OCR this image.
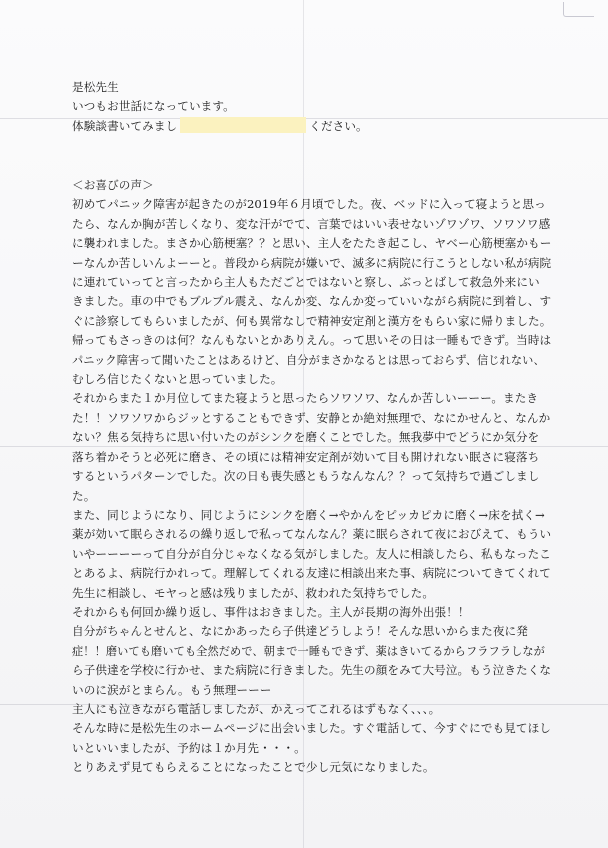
是松先生
いつもお世話になっています。
体験談書いてみまし	ください。
＜お喜びの声＞
初めてパニック障害が起きたのが2019年６月頃でした。夜、ベッドに入って寝ようと思っ
たら、なんか胸が苦しくなり、変な汗がでて、言葉ではいい表せないゾワゾワ、ソワソワ感
に襲われました。まさか心筋梗塞？？と思い、主人をたたき起こし、ヤベー心筋梗塞かもー
ーなんか苦しいんよーーと。普段から病院が嫌いで、滅多に病院に行こうとしない私が病院
に連れていってと言ったから主人もただごとではないと察し、ぶっとばして救急外来にい
きました。車の中でもブルブル震え、なんか変、なんか変っていいながら病院に到着し、す
ぐに診察してもらいましたが、何も異常なしで精神安定剤と漢方をもらい家に帰りました。
帰ってもさっきのは何？なんもないとかありえん。って思いその日は一睡もできず。当時は
パニック障害って聞いたことはあるけど、自分がまさかなるとは思っておらず、信じれない、
むしろ信じたくないと思っていました。
それからまた１か月位してまた寝ようと思ったらソワソワ、なんか苦しいーーー。またき
た！！ソワソワからジッとすることもできず、安静とか絶対無理で、なにかせんと、なんか
ない？焦る気持ちに思い付いたのがシンクを磨くことでした。無我夢中でどうにか気分を
落ち着かそうと必死に磨き、その頃には精神安定剤が効いて目も開けれない眠さに寝落ち
するというパターンでした。次の日も喪失感ともうなんなん？？って気持ちで過ごしまし
た。
また、同じようになり、同じようにシンクを磨く→やかんをピッカピカに磨く→床を拭く→
薬が効いて眠らされるの繰り返しで私ってなんなん？薬に眠らされて夜におびえて、もうい
いやーーーーって自分が自分じゃなくなる気がしました。友人に相談したら、私もなったこ
とあるよ、病院行かれって。理解してくれる友達に相談出来た事、病院についてきてくれて
先生に相談し、モヤっと感は残りましたが、救われた気持ちでした。
それからも何回か繰り返し、事件はおきました。主人が長期の海外出張！！
自分がちゃんとせんと、なにかあったら子供達どうしよう！そんな思いからまた夜に発
症！！磨いても磨いても全然だめで、朝まで一睡もできず、薬はきいてるからフラフラしなが
ら子供達を学校に行かせ、また病院に行きました。先生の顔をみて大号泣。もう泣きたくな
いのに涙がとまらん。もう無理ーーー
主人にも泣きながら電話しましたが、かえってこれるはずもなく、、、。
そんな時に是松先生のホームページに出会いました。すぐ電話して、今すぐにでも見てほし
いといいましたが、予約は１か月先・・・。
とりあえず見てもらえることになったことで少し元気になりました。
